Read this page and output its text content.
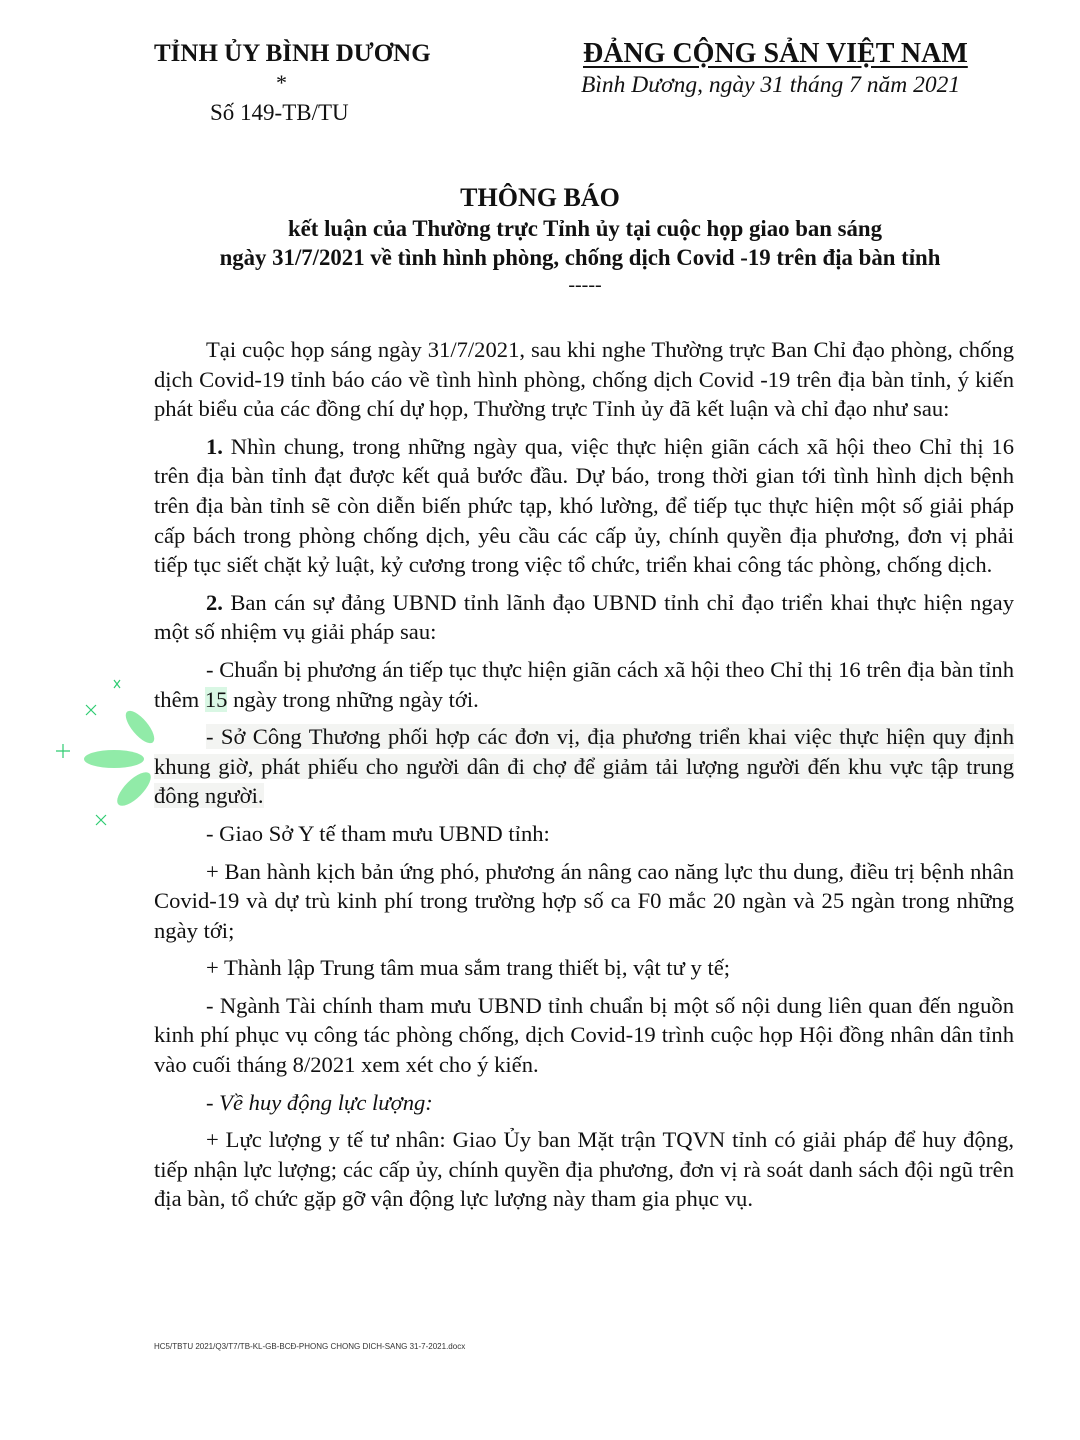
TỈNH ỦY BÌNH DƯƠNG
*
Số 149-TB/TU
ĐẢNG CỘNG SẢN VIỆT NAM
Bình Dương, ngày 31 tháng 7 năm 2021
THÔNG BÁO
kết luận của Thường trực Tỉnh ủy tại cuộc họp giao ban sáng
ngày 31/7/2021 về tình hình phòng, chống dịch Covid -19 trên địa bàn tỉnh
-----

Tại cuộc họp sáng ngày 31/7/2021, sau khi nghe Thường trực Ban Chỉ đạo phòng, chống dịch Covid-19 tỉnh báo cáo về tình hình phòng, chống dịch Covid -19 trên địa bàn tỉnh, ý kiến phát biểu của các đồng chí dự họp, Thường trực Tỉnh ủy đã kết luận và chỉ đạo như sau:

1. Nhìn chung, trong những ngày qua, việc thực hiện giãn cách xã hội theo Chỉ thị 16 trên địa bàn tỉnh đạt được kết quả bước đầu. Dự báo, trong thời gian tới tình hình dịch bệnh trên địa bàn tỉnh sẽ còn diễn biến phức tạp, khó lường, để tiếp tục thực hiện một số giải pháp cấp bách trong phòng chống dịch, yêu cầu các cấp ủy, chính quyền địa phương, đơn vị phải tiếp tục siết chặt kỷ luật, kỷ cương trong việc tổ chức, triển khai công tác phòng, chống dịch.

2. Ban cán sự đảng UBND tỉnh lãnh đạo UBND tỉnh chỉ đạo triển khai thực hiện ngay một số nhiệm vụ giải pháp sau:

- Chuẩn bị phương án tiếp tục thực hiện giãn cách xã hội theo Chỉ thị 16 trên địa bàn tỉnh thêm 15 ngày trong những ngày tới.

- Sở Công Thương phối hợp các đơn vị, địa phương triển khai việc thực hiện quy định khung giờ, phát phiếu cho người dân đi chợ để giảm tải lượng người đến khu vực tập trung đông người.

- Giao Sở Y tế tham mưu UBND tỉnh:

+ Ban hành kịch bản ứng phó, phương án nâng cao năng lực thu dung, điều trị bệnh nhân Covid-19 và dự trù kinh phí trong trường hợp số ca F0 mắc 20 ngàn và 25 ngàn trong những ngày tới;

+ Thành lập Trung tâm mua sắm trang thiết bị, vật tư y tế;

- Ngành Tài chính tham mưu UBND tỉnh chuẩn bị một số nội dung liên quan đến nguồn kinh phí phục vụ công tác phòng chống, dịch Covid-19 trình cuộc họp Hội đồng nhân dân tỉnh vào cuối tháng 8/2021 xem xét cho ý kiến.

- Về huy động lực lượng:

+ Lực lượng y tế tư nhân: Giao Ủy ban Mặt trận TQVN tỉnh có giải pháp để huy động, tiếp nhận lực lượng; các cấp ủy, chính quyền địa phương, đơn vị rà soát danh sách đội ngũ trên địa bàn, tổ chức gặp gỡ vận động lực lượng này tham gia phục vụ.

HC5/TBTU 2021/Q3/T7/TB-KL-GB-BCĐ-PHONG CHONG DICH-SANG 31-7-2021.docx
